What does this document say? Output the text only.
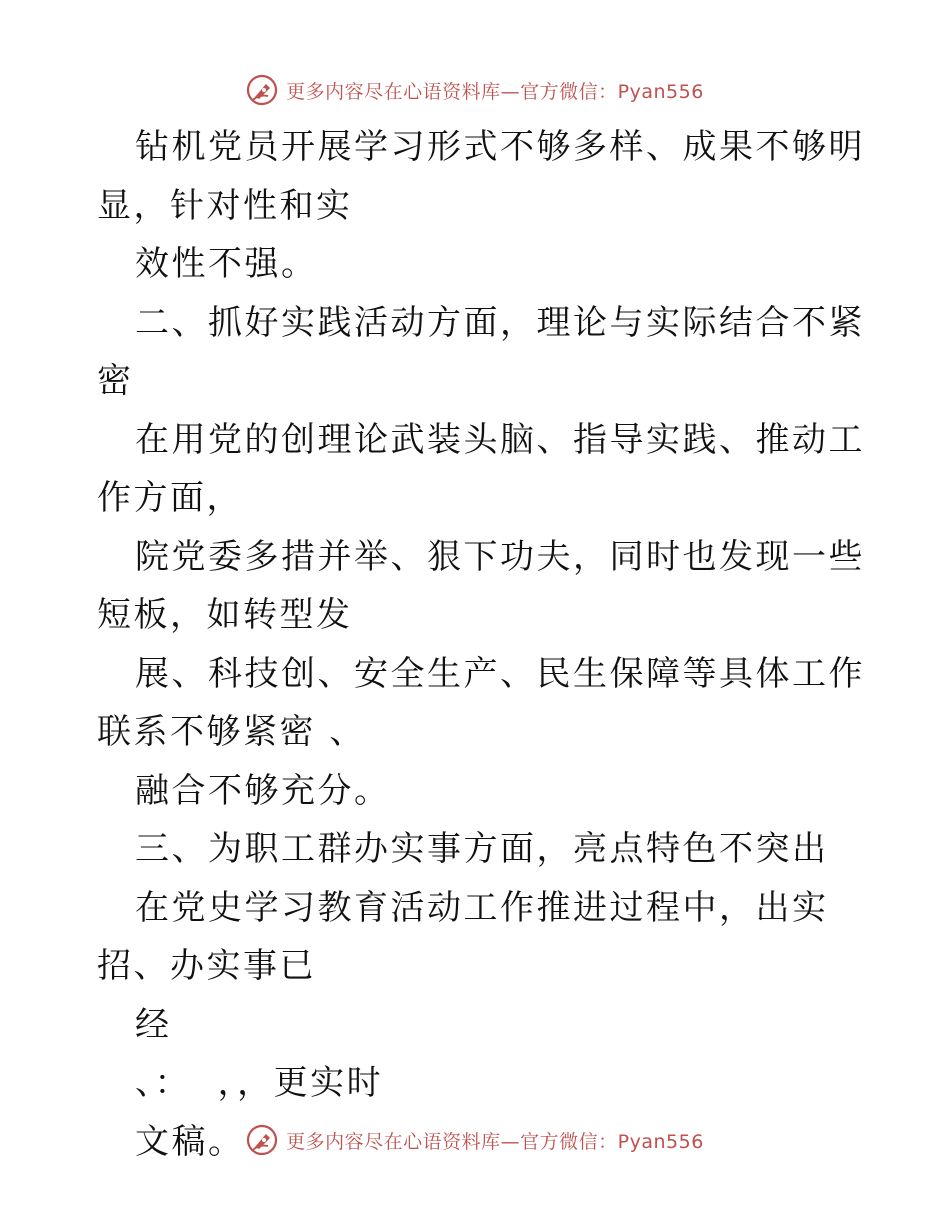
更多内容尽在心语资料库—官方微信：Pyan556

钻机党员开展学习形式不够多样、成果不够明显，针对性和实

效性不强。

二、抓好实践活动方面，理论与实际结合不紧密

在用党的创理论武装头脑、指导实践、推动工作方面，

院党委多措并举、狠下功夫，同时也发现一些短板，如转型发

展、科技创、安全生产、民生保障等具体工作联系不够紧密 、

融合不够充分。

三、为职工群办实事方面，亮点特色不突出

在党史学习教育活动工作推进过程中，出实招、办实事已

经

、：  ，，更实时

文稿。	更多内容尽在心语资料库—官方微信：Pyan556
